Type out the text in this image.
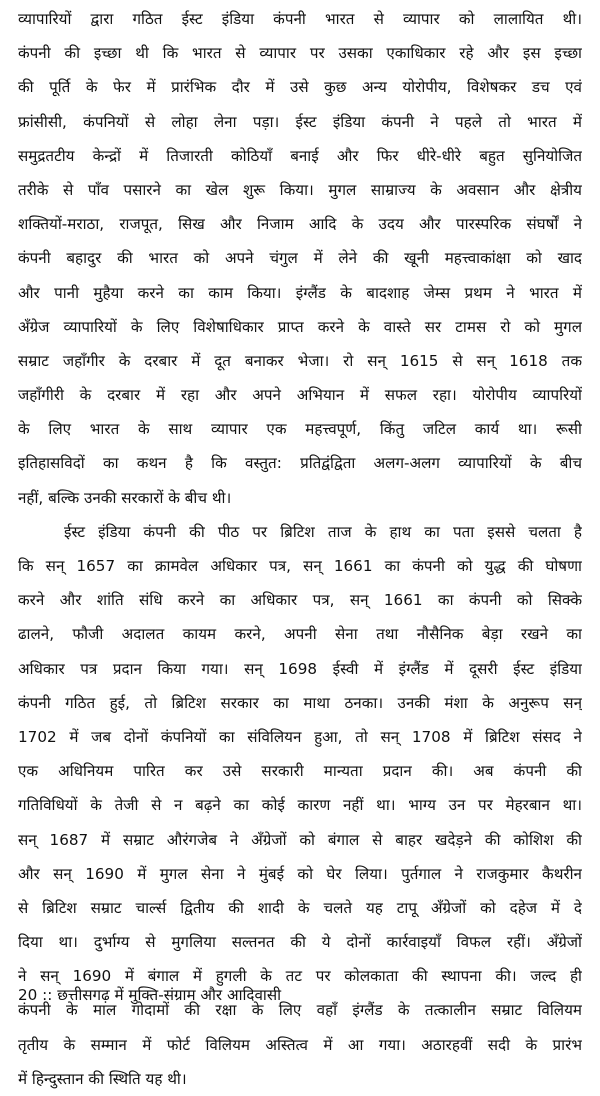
व्यापारियों द्वारा गठित ईस्ट इंडिया कंपनी भारत से व्यापार को लालायित थी।
कंपनी की इच्छा थी कि भारत से व्यापार पर उसका एकाधिकार रहे और इस इच्छा
की पूर्ति के फेर में प्रारंभिक दौर में उसे कुछ अन्य योरोपीय, विशेषकर डच एवं
फ्रांसीसी, कंपनियों से लोहा लेना पड़ा। ईस्ट इंडिया कंपनी ने पहले तो भारत में
समुद्रतटीय केन्द्रों में तिजारती कोठियाँ बनाई और फिर धीरे-धीरे बहुत सुनियोजित
तरीके से पाँव पसारने का खेल शुरू किया। मुगल साम्राज्य के अवसान और क्षेत्रीय
शक्तियों-मराठा, राजपूत, सिख और निजाम आदि के उदय और पारस्परिक संघर्षों ने
कंपनी बहादुर की भारत को अपने चंगुल में लेने की खूनी महत्त्वाकांक्षा को खाद
और पानी मुहैया करने का काम किया। इंग्लैंड के बादशाह जेम्स प्रथम ने भारत में
अँग्रेज व्यापारियों के लिए विशेषाधिकार प्राप्त करने के वास्ते सर टामस रो को मुगल
सम्राट जहाँगीर के दरबार में दूत बनाकर भेजा। रो सन् 1615 से सन् 1618 तक
जहाँगीरी के दरबार में रहा और अपने अभियान में सफल रहा। योरोपीय व्यापरियों
के लिए भारत के साथ व्यापार एक महत्त्वपूर्ण, किंतु जटिल कार्य था। रूसी
इतिहासविदों का कथन है कि वस्तुत: प्रतिद्वंद्विता अलग-अलग व्यापारियों के बीच
नहीं, बल्कि उनकी सरकारों के बीच थी।
ईस्ट इंडिया कंपनी की पीठ पर ब्रिटिश ताज के हाथ का पता इससे चलता है
कि सन् 1657 का क्रामवेल अधिकार पत्र, सन् 1661 का कंपनी को युद्ध की घोषणा
करने और शांति संधि करने का अधिकार पत्र, सन् 1661 का कंपनी को सिक्के
ढालने, फौजी अदालत कायम करने, अपनी सेना तथा नौसैनिक बेड़ा रखने का
अधिकार पत्र प्रदान किया गया। सन् 1698 ईस्वी में इंग्लैंड में दूसरी ईस्ट इंडिया
कंपनी गठित हुई, तो ब्रिटिश सरकार का माथा ठनका। उनकी मंशा के अनुरूप सन्
1702 में जब दोनों कंपनियों का संविलियन हुआ, तो सन् 1708 में ब्रिटिश संसद ने
एक अधिनियम पारित कर उसे सरकारी मान्यता प्रदान की। अब कंपनी की
गतिविधियों के तेजी से न बढ़ने का कोई कारण नहीं था। भाग्य उन पर मेहरबान था।
सन् 1687 में सम्राट औरंगजेब ने अँग्रेजों को बंगाल से बाहर खदेड़ने की कोशिश की
और सन् 1690 में मुगल सेना ने मुंबई को घेर लिया। पुर्तगाल ने राजकुमार कैथरीन
से ब्रिटिश सम्राट चार्ल्स द्वितीय की शादी के चलते यह टापू अँग्रेजों को दहेज में दे
दिया था। दुर्भाग्य से मुगलिया सल्तनत की ये दोनों कार्रवाइयाँ विफल रहीं। अँग्रेजों
ने सन् 1690 में बंगाल में हुगली के तट पर कोलकाता की स्थापना की। जल्द ही
कंपनी के माल गोदामों की रक्षा के लिए वहाँ इंग्लैंड के तत्कालीन सम्राट विलियम
तृतीय के सम्मान में फोर्ट विलियम अस्तित्व में आ गया। अठारहवीं सदी के प्रारंभ
में हिन्दुस्तान की स्थिति यह थी।
20 :: छत्तीसगढ़ में मुक्ति-संग्राम और आदिवासी
